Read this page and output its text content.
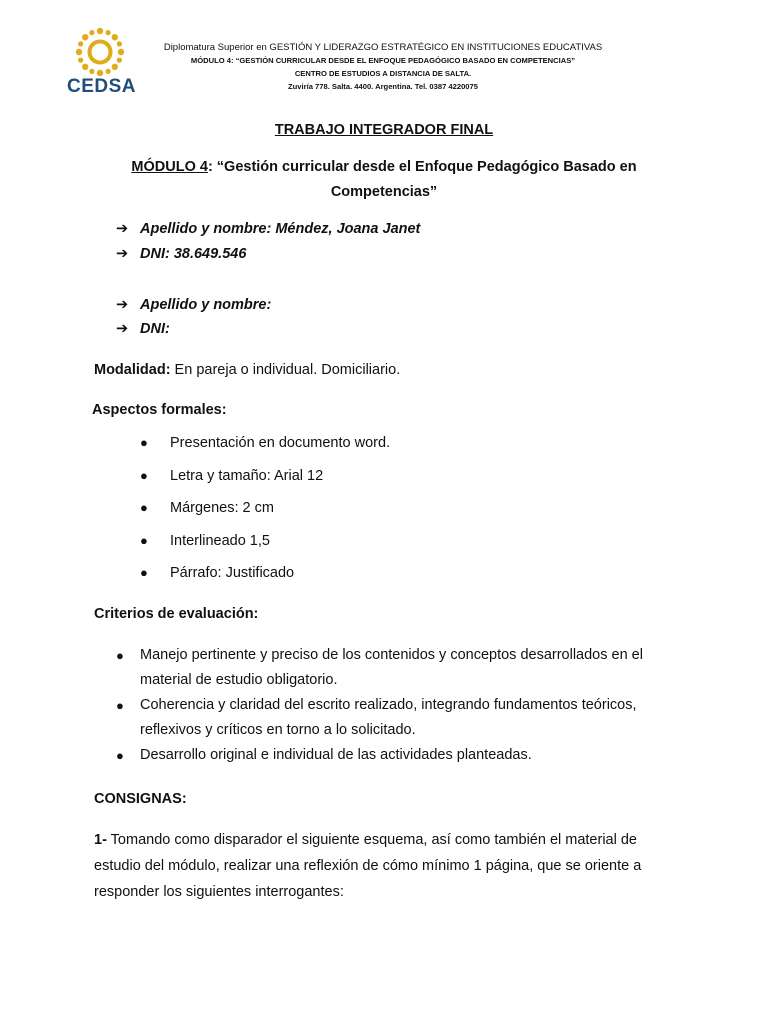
CEDSA
Diplomatura Superior en GESTIÓN Y LIDERAZGO ESTRATÉGICO EN INSTITUCIONES EDUCATIVAS
MÓDULO 4: “GESTIÓN CURRICULAR DESDE EL ENFOQUE PEDAGÓGICO BASADO EN COMPETENCIAS”
CENTRO DE ESTUDIOS A DISTANCIA DE SALTA.
Zuviría 778. Salta. 4400. Argentina. Tel. 0387 4220075
TRABAJO INTEGRADOR FINAL
MÓDULO 4: “Gestión curricular desde el Enfoque Pedagógico Basado en Competencias”
➔ Apellido y nombre: Méndez, Joana Janet
➔ DNI: 38.649.546
➔ Apellido y nombre:
➔ DNI:
Modalidad: En pareja o individual. Domiciliario.
Aspectos formales:
● Presentación en documento word.
● Letra y tamaño: Arial 12
● Márgenes: 2 cm
● Interlineado 1,5
● Párrafo: Justificado
Criterios de evaluación:
● Manejo pertinente y preciso de los contenidos y conceptos desarrollados en el material de estudio obligatorio.
● Coherencia y claridad del escrito realizado, integrando fundamentos teóricos, reflexivos y críticos en torno a lo solicitado.
● Desarrollo original e individual de las actividades planteadas.
CONSIGNAS:
1- Tomando como disparador el siguiente esquema, así como también el material de estudio del módulo, realizar una reflexión de cómo mínimo 1 página, que se oriente a responder los siguientes interrogantes:
